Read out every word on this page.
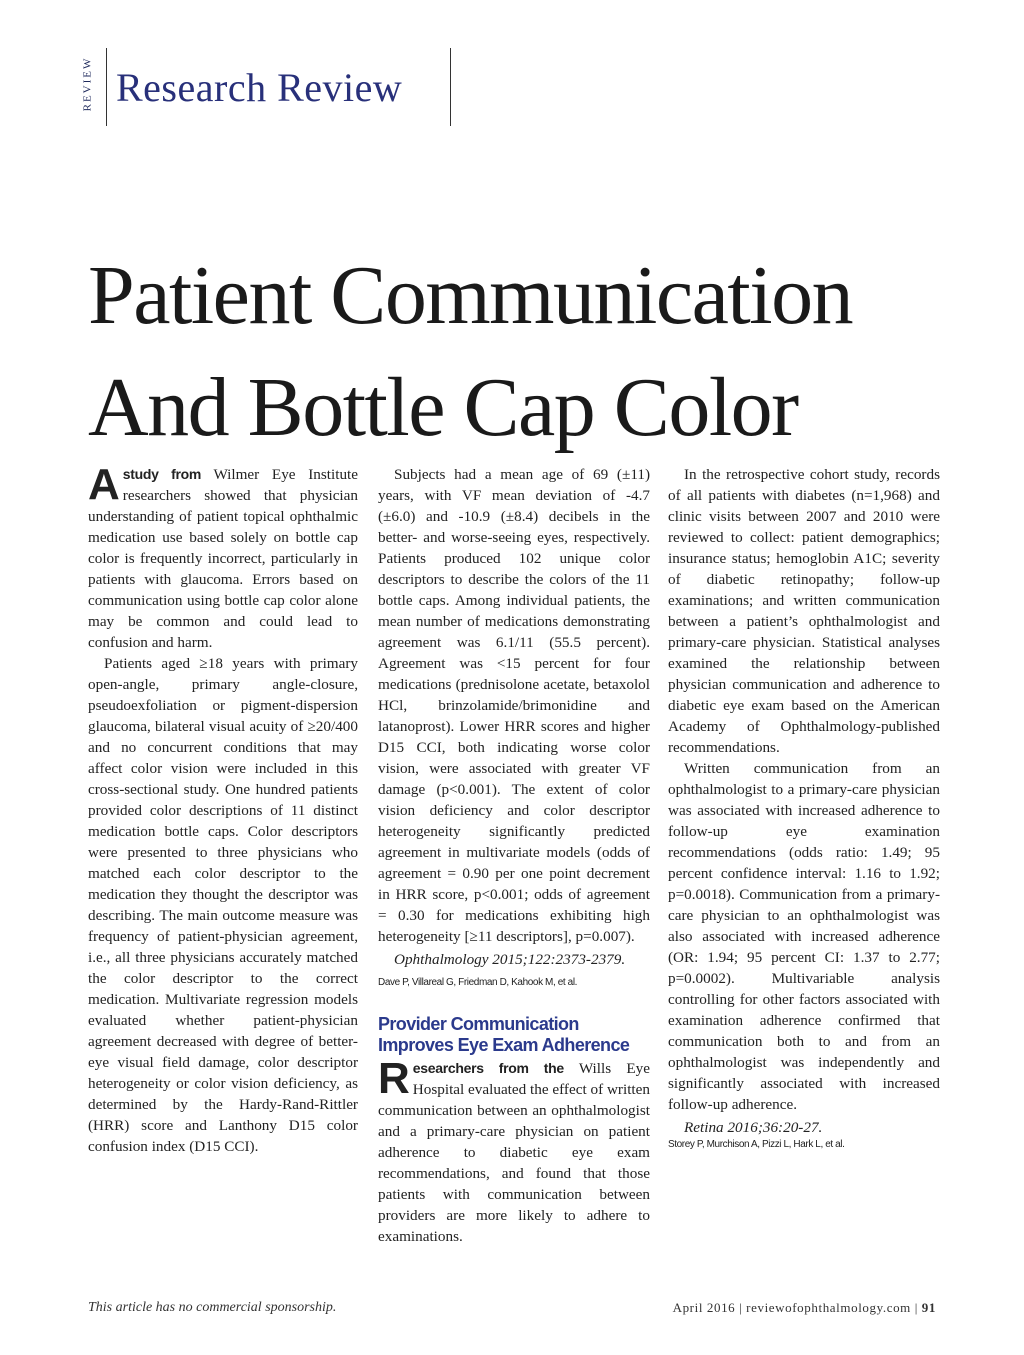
REVIEW Research Review
Patient Communication
And Bottle Cap Color

Astudy from Wilmer Eye Institute researchers showed that physician understanding of patient topical ophthalmic medication use based solely on bottle cap color is frequently incorrect, particularly in patients with glaucoma. Errors based on communication using bottle cap color alone may be common and could lead to confusion and harm.

Patients aged ≥18 years with primary open-angle, primary angle-closure, pseudoexfoliation or pigment-dispersion glaucoma, bilateral visual acuity of ≥20/400 and no concurrent conditions that may affect color vision were included in this cross-sectional study. One hundred patients provided color descriptions of 11 distinct medication bottle caps. Color descriptors were presented to three physicians who matched each color descriptor to the medication they thought the descriptor was describing. The main outcome measure was frequency of patient-physician agreement, i.e., all three physicians accurately matched the color descriptor to the correct medication. Multivariate regression models evaluated whether patient-physician agreement decreased with degree of better-eye visual field damage, color descriptor heterogeneity or color vision deficiency, as determined by the Hardy-Rand-Rittler (HRR) score and Lanthony D15 color confusion index (D15 CCI).

Subjects had a mean age of 69 (±11) years, with VF mean deviation of -4.7 (±6.0) and -10.9 (±8.4) decibels in the better- and worse-seeing eyes, respectively. Patients produced 102 unique color descriptors to describe the colors of the 11 bottle caps. Among individual patients, the mean number of medications demonstrating agreement was 6.1/11 (55.5 percent). Agreement was <15 percent for four medications (prednisolone acetate, betaxolol HCl, brinzolamide/brimonidine and latanoprost). Lower HRR scores and higher D15 CCI, both indicating worse color vision, were associated with greater VF damage (p<0.001). The extent of color vision deficiency and color descriptor heterogeneity significantly predicted agreement in multivariate models (odds of agreement = 0.90 per one point decrement in HRR score, p<0.001; odds of agreement = 0.30 for medications exhibiting high heterogeneity [≥11 descriptors], p=0.007).

Ophthalmology 2015;122:2373-2379.

Dave P, Villareal G, Friedman D, Kahook M, et al.

Provider Communication
Improves Eye Exam Adherence

Researchers from the Wills Eye Hospital evaluated the effect of written communication between an ophthalmologist and a primary-care physician on patient adherence to diabetic eye exam recommendations, and found that those patients with communication between providers are more likely to adhere to examinations.

In the retrospective cohort study, records of all patients with diabetes (n=1,968) and clinic visits between 2007 and 2010 were reviewed to collect: patient demographics; insurance status; hemoglobin A1C; severity of diabetic retinopathy; follow-up examinations; and written communication between a patient’s ophthalmologist and primary-care physician. Statistical analyses examined the relationship between physician communication and adherence to diabetic eye exam based on the American Academy of Ophthalmology-published recommendations.

Written communication from an ophthalmologist to a primary-care physician was associated with increased adherence to follow-up eye examination recommendations (odds ratio: 1.49; 95 percent confidence interval: 1.16 to 1.92; p=0.0018). Communication from a primary-care physician to an ophthalmologist was also associated with increased adherence (OR: 1.94; 95 percent CI: 1.37 to 2.77; p=0.0002). Multivariable analysis controlling for other factors associated with examination adherence confirmed that communication both to and from an ophthalmologist was independently and significantly associated with increased follow-up adherence.

Retina 2016;36:20-27.

Storey P, Murchison A, Pizzi L, Hark L, et al.

This article has no commercial sponsorship.	April 2016 | reviewofophthalmology.com | 91
